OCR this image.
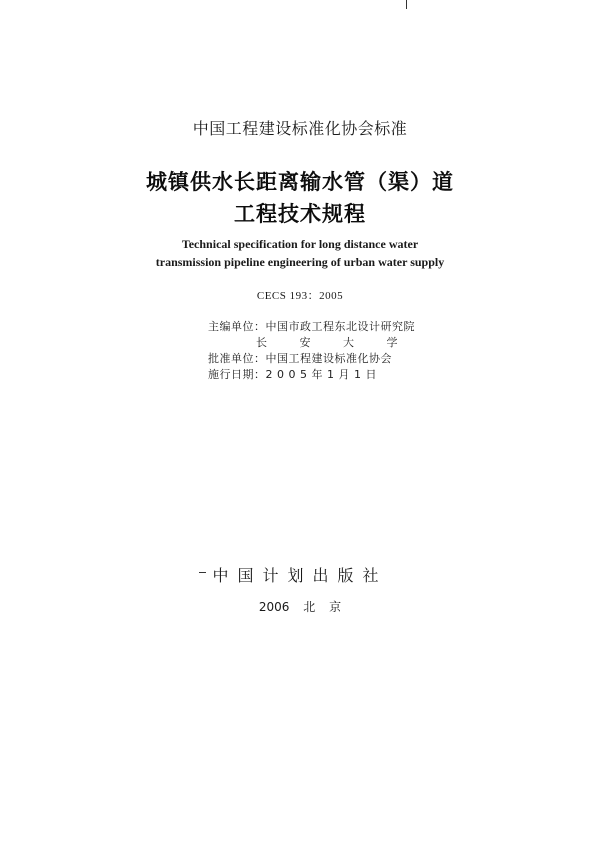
中国工程建设标准化协会标准
城镇供水长距离输水管（渠）道
工程技术规程
Technical specification for long distance water
transmission pipeline engineering of urban water supply
CECS 193：2005
主编单位：中国市政工程东北设计研究院
长 安 大 学
批准单位：中国工程建设标准化协会
施行日期：2 0 0 5 年 1 月 1 日
中国计划出版社
2006 北 京
